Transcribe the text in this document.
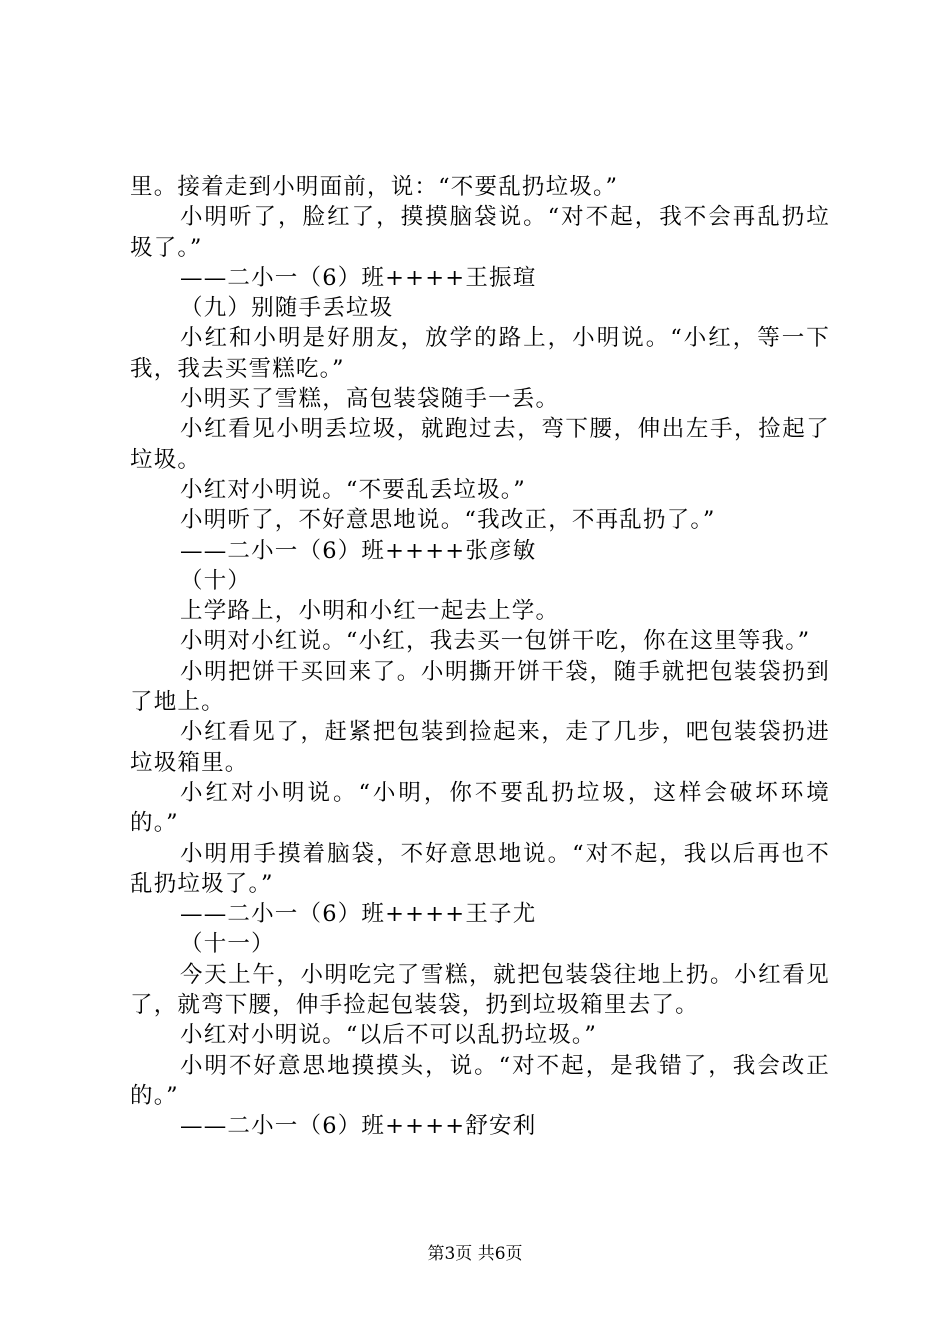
里。接着走到小明面前，说：“不要乱扔垃圾。”

小明听了，脸红了，摸摸脑袋说。“对不起，我不会再乱扔垃圾了。”

——二小一（6）班++++王振瑄

（九）别随手丢垃圾

小红和小明是好朋友，放学的路上，小明说。“小红，等一下我，我去买雪糕吃。”

小明买了雪糕，高包装袋随手一丢。

小红看见小明丢垃圾，就跑过去，弯下腰，伸出左手，捡起了垃圾。

小红对小明说。“不要乱丢垃圾。”

小明听了，不好意思地说。“我改正，不再乱扔了。”

——二小一（6）班++++张彦敏

（十）

上学路上，小明和小红一起去上学。

小明对小红说。“小红，我去买一包饼干吃，你在这里等我。”

小明把饼干买回来了。小明撕开饼干袋，随手就把包装袋扔到了地上。

小红看见了，赶紧把包装到捡起来，走了几步，吧包装袋扔进垃圾箱里。

小红对小明说。“小明，你不要乱扔垃圾，这样会破坏环境的。”

小明用手摸着脑袋，不好意思地说。“对不起，我以后再也不乱扔垃圾了。”

——二小一（6）班++++王子尤

（十一）

今天上午，小明吃完了雪糕，就把包装袋往地上扔。小红看见了，就弯下腰，伸手捡起包装袋，扔到垃圾箱里去了。

小红对小明说。“以后不可以乱扔垃圾。”

小明不好意思地摸摸头，说。“对不起，是我错了，我会改正的。”

——二小一（6）班++++舒安利

第3页 共6页
